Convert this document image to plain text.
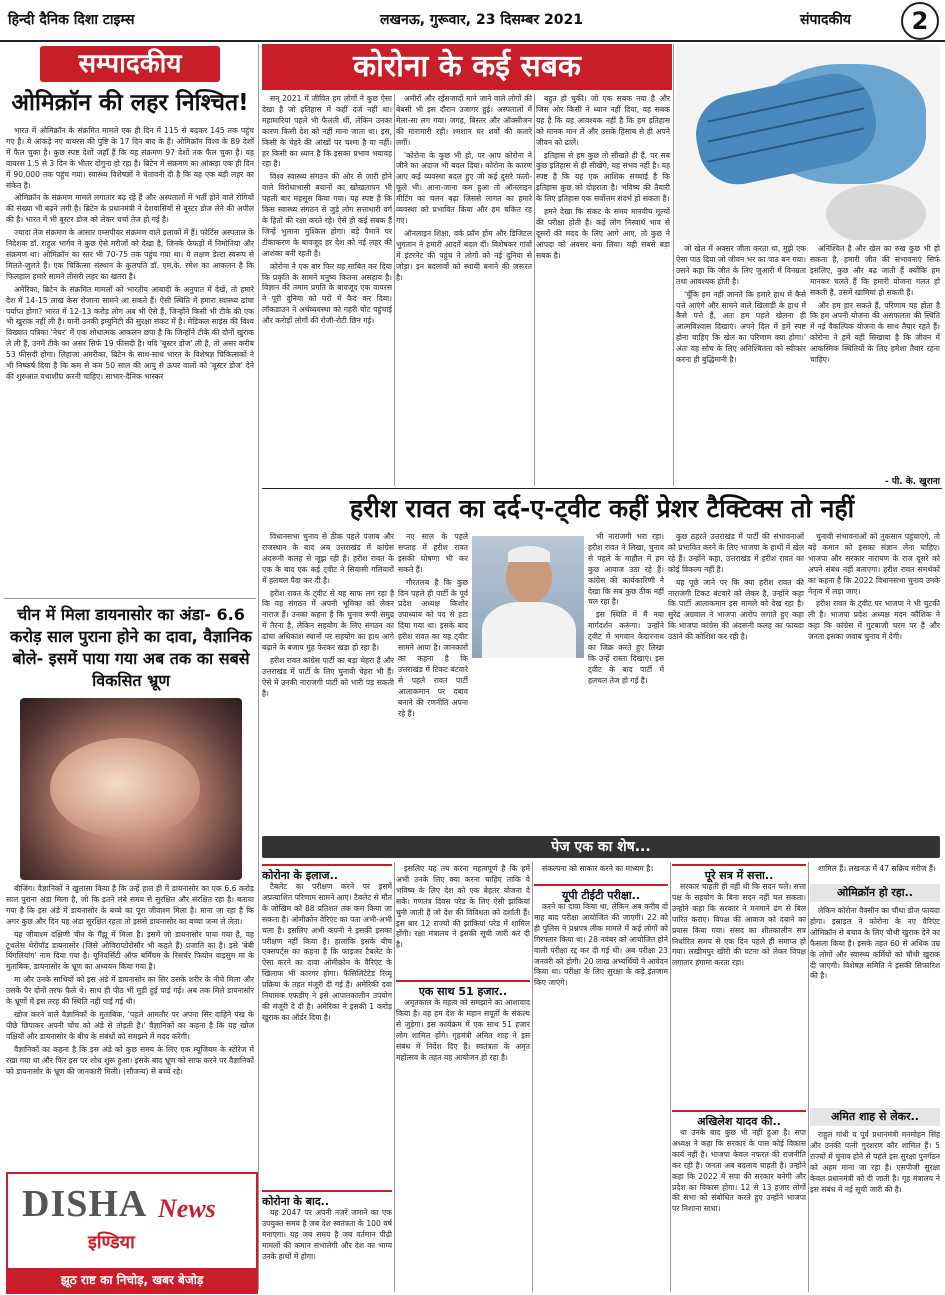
हिन्दी दैनिक दिशा टाइम्स	लखनऊ, गुरूवार, 23 दिसम्बर 2021	संपादकीय	2
सम्पादकीय
ओमिक्रॉन की लहर निश्चित!

भारत में ओमिक्रॉन के संक्रमित मामले एक ही दिन में 115 से बढ़कर 145 तक पहुंच गए हैं। ये आंकड़े नए वायरस की पुष्टि के 17 दिन बाद के हैं। ओमिक्रॉन विश्व के 89 देशों में फैल चुका है। कुछ स्पष्ट देशों जहाँ हैं कि यह संक्रमण 97 देशों तक फैल चुका है। यह वायरस 1.5 से 3 दिन के भीतर दोगुना हो रहा है। ब्रिटेन में संक्रमण का आंकड़ा एक ही दिन में 90,000 तक पहुंच गया। स्वास्थ्य विशेषज्ञों ने चेतावनी दी है कि यह एक बड़ी लहर का संकेत है।

ओमिक्रॉन के संक्रमण मामले लगातार बढ़ रहे हैं और अस्पतालों में भर्ती होने वाले रोगियों की संख्या भी बढ़ने लगी है। ब्रिटेन के प्रधानमंत्री ने देशवासियों से बूस्टर डोज लेने की अपील की है। भारत में भी बूस्टर डोज को लेकर चर्चा तेज हो गई है।

ज्यादा तेज संक्रमण के आसार एम्सपीयर संक्रमण वाले इलाकों में हैं। फोर्टिस अस्पताल के निदेशक डॉ. राहुल भार्गव ने कुछ ऐसे मरीजों को देखा है, जिनके फेफड़ों में निमोनिया और संक्रमण था। ओमिक्रॉन का स्तर भी 70-75 तक पहुंच गया था। ये लक्षण डेल्टा स्वरूप से मिलते-जुलते हैं। एक चिकित्सा संस्थान के कुलपति डॉ. एम.के. रमेश का आकलन है कि फिलहाल हमारे सामने तीसरी लहर का खतरा है।

अमेरिका, ब्रिटेन के संक्रमित मामलों को भारतीय आबादी के अनुपात में देखें, तो हमारे देश में 14-15 लाख केस रोजाना सामने आ सकते हैं। ऐसी स्थिति में हमारा स्वास्थ्य ढांचा पर्याप्त होगा? भारत में 12-13 करोड़ लोग अब भी ऐसे हैं, जिन्होंने किसी भी टीके की एक भी खुराक नहीं ली है। यानी उनकी इम्युनिटी की सुरक्षा संकट में है। मेडिकल साइंस की विश्व विख्यात पत्रिका 'नेचर' में एक शोधात्मक आकलन छपा है कि जिन्होंने टीके की दोनों खुराक ले ली हैं, उनमें टीके का असर सिर्फ 19 फीसदी है। यदि 'बूस्टर डोज' ली है, तो असर करीब 53 फीसदी होगा। लिहाजा अमरीका, ब्रिटेन के साथ-साथ भारत के विशेषज्ञ चिकित्सकों ने भी निष्कर्ष दिया है कि कम से कम 50 साल की आयु से ऊपर वालों को 'बूस्टर डोज' देने की शुरुआत यथाशीघ्र करनी चाहिए। साभार-दैनिक भास्कर

चीन में मिला डायनासोर का अंडा- 6.6 करोड़ साल पुराना होने का दावा, वैज्ञानिक बोले- इसमें पाया गया अब तक का सबसे विकसित भ्रूण

बीजिंग। वैज्ञानिकों ने खुलासा किया है कि उन्हें हाल ही में डायनासोर का एक 6.6 करोड़ साल पुराना अंडा मिला है, जो कि इतने लंबे समय से सुरक्षित और संरक्षित रहा है। बताया गया है कि इस अंडे में डायनासोर के बच्चे का पूरा जीवाश्म मिला है। माना जा रहा है कि अगर कुछ और दिन यह अंडा सुरक्षित रहता तो इससे डायनासोर का बच्चा जन्म ले लेता।

यह जीवाश्म दक्षिणी चीन के गैंझू में मिला है। इसमें जो डायनासोर पाया गया है, वह टूथलेस थेरोपॉड डायनासोर (जिसे ओविराप्टोरोसौर भी कहते हैं) प्रजाति का है। इसे 'बेबी यिंगलियांग' नाम दिया गया है। यूनिवर्सिटी ऑफ बर्मिंघम के रिसर्चर फियोन वाइसुम मा के मुताबिक, डायनासोर के भ्रूण का अध्ययन किया गया है।

मा और उनके साथियों को इस अंडे में डायनासोर का सिर उसके शरीर के नीचे मिला और उसके पैर दोनों तरफ फैले थे। साथ ही पीठ भी मुड़ी हुई पाई गई। अब तक मिले डायनासोर के भ्रूणों में इस तरह की स्थिति नहीं पाई गई थी।

खोज करने वाले वैज्ञानिकों के मुताबिक, 'पहले आमतौर पर अपना सिर दाहिने पंख के पीछे छिपाकर अपनी चोंच को अंडे से तोड़ती है।' वैज्ञानिकों का कहना है कि यह खोज पक्षियों और डायनासोर के बीच के संबंधों को समझने में मदद करेगी।

वैज्ञानिकों का कहना है कि इस अंडे को कुछ समय के लिए एक म्यूजियम के स्टोरेज में रखा गया था और फिर इस पर शोध शुरू हुआ। इसके बाद भ्रूण को साफ करने पर वैज्ञानिकों को डायनासोर के भ्रूण की जानकारी मिली। (सौजन्य) से बच्चे रहे।

DISHA News
इण्डिया
झूठ राष्ट का निचोड़, खबर बेजोड़
कोरोना के कई सबक

सन् 2021 में जीवित हम लोगों ने कुछ ऐसा देखा है जो इतिहास में कहीं दर्ज नहीं था। महामारियां पहले भी फैलती थीं, लेकिन उनका कारण किसी देश को नहीं माना जाता था। इस, किसी के चेहरे की आंखों पर चश्मा है या नहीं। हर किसी का ध्यान है कि इसका प्रभाव भयावह रहा है।

विश्व स्वास्थ्य संगठन की ओर से जारी होने वाले विरोधाभासी बयानों का खोखलापन भी पहली बार महसूस किया गया। यह स्पष्ट है कि किस स्वास्थ्य संगठन से जुड़े लोग सत्ताधारी वर्ग के हितों की रक्षा करते रहे। ऐसे ही कई सबक हैं जिन्हें भुलाना मुश्किल होगा। बड़े पैमाने पर टीकाकरण के बावजूद हर देश को नई लहर की आशंका बनी रहती है।

कोरोना ने एक बार फिर यह साबित कर दिया कि प्रकृति के सामने मनुष्य कितना असहाय है। विज्ञान की तमाम प्रगति के बावजूद एक वायरस ने पूरी दुनिया को घरों में कैद कर दिया। लॉकडाउन ने अर्थव्यवस्था को गहरी चोट पहुंचाई और करोड़ों लोगों की रोजी-रोटी छिन गई।

अमीरों और रईसजादों माने जाने वाले लोगों की बेबसी भी इस दौरान उजागर हुई। अस्पतालों में मेला-सा लग गया। जगह, बिस्तर और ऑक्सीजन की मारामारी रही। श्मशान घर शवों की कतारें लगीं।

'कोरोना के कुछ भी हो, पर आप कोरोना ने जीने का अंदाज भी बदल दिया। कोरोना के कारण आए कई व्यवस्था बदल हुए जो कई दुसरे फलो-फूले भी। आना-जाना कम हुआ तो ऑनलाइन मीटिंग का चलन बढ़ा जिससे लागत का हमारे व्यवस्था को प्रभावित किया और हम चकित रह गए।

ऑनलाइन शिक्षा, वर्क फ्रॉम होम और डिजिटल भुगतान ने हमारी आदतें बदल दीं। विशेषकर गांवों में इंटरनेट की पहुंच ने लोगों को नई दुनिया से जोड़ा। इन बदलावों को स्थायी बनाने की जरूरत है।

बहुत हो चुकी। जो एक सबक नया है और जिस ओर किसी ने ध्यान नहीं दिया, वह सबक यह है कि यह आवश्यक नहीं है कि हम इतिहास को मानक मान लें और उसके हिसाब से ही अपने जीवन को ढालें।

इतिहास से हम कुछ तो सीखते ही हैं, पर सब कुछ इतिहास से ही सीखेंगे, यह संभव नहीं है। यह स्पष्ट है कि यह एक आशिक सच्चाई है कि इतिहास कुछ को दोहराता है। भविष्य की तैयारी के लिए इतिहास एक सर्वोत्तम संदर्भ हो सकता है।

हमने देखा कि संकट के समय मानवीय मूल्यों की परीक्षा होती है। कई लोग निस्वार्थ भाव से दूसरों की मदद के लिए आगे आए, तो कुछ ने आपदा को अवसर बना लिया। यही सबसे बड़ा सबक है।

जो खेल में अक्सर जीता करता था, मुझे एक ऐसा पाठ दिया जो जीवन भर का पाठ बन गया। उसने कहा कि जीत के लिए जुआरी में विनम्रता तथा आवश्यक होती है।

'चूँकि हम नहीं जानते कि हमारे हाथ में कैसे पत्ते आएंगे और सामने वाले खिलाड़ी के हाथ में कैसे पत्ते हैं, अतः हम पहले खेलना ही आत्मविश्वास दिखाएं। अपने दिल में हमें स्पष्ट होना चाहिए कि खेल का परिणाम क्या होगा।' अंतः यह सोच के लिए अनिश्चितता को स्वीकार करना ही बुद्धिमानी है।

अनिश्चित है और खेल का रुख कुछ भी हो सकता है, हमारी जीत की संभावनाएं सिर्फ इसलिए, कुछ और बढ़ जाती हैं क्योंकि हम मानकर चलते हैं कि हमारी योजना गलत हो सकती है, उसमें खामियां हो सकती हैं।

और हम हार सकते हैं, परिणाम यह होता है कि हम अपनी योजना की असफलता की स्थिति में नई वैकल्पिक योजना के साथ तैयार रहते हैं। कोरोना ने हमें यही सिखाया है कि जीवन में आकस्मिक स्थितियों के लिए हमेशा तैयार रहना चाहिए।

- पी. के. खुराना
हरीश रावत का दर्द-ए-ट्वीट कहीं प्रेशर टैक्टिक्स तो नहीं

विधानसभा चुनाव से ठीक पहले पंजाब और राजस्थान के बाद अब उत्तराखंड में कांग्रेस अंदरूनी कलह से जूझ रही है। हरीश रावत के एक के बाद एक कई ट्वीट ने सियासी गलियारों में हलचल पैदा कर दी है।

हरीश रावत के ट्वीट से यह साफ लग रहा है कि वह संगठन में अपनी भूमिका को लेकर नाराज हैं। उनका कहना है कि चुनाव रूपी समुद्र में तैरना है, लेकिन सहयोग के लिए संगठन का ढांचा अधिकांश स्थानों पर सहयोग का हाथ आगे बढ़ाने के बजाय मुंह फेरकर खड़ा हो रहा है।

हरीश रावत कांग्रेस पार्टी का बड़ा चेहरा हैं और उत्तराखंड में पार्टी के लिए चुनावी चेहरा भी हैं। ऐसे में उनकी नाराजगी पार्टी को भारी पड़ सकती है।

नए साल के पहले सप्ताह में हरीश रावत इसकी घोषणा भी कर सकते हैं।

गौरतलब है कि कुछ दिन पहले ही पार्टी के पूर्व प्रदेश अध्यक्ष किशोर उपाध्याय को पद से हटा दिया गया था। इसके बाद हरीश रावत का यह ट्वीट सामने आया है। जानकारों का कहना है कि उत्तराखंड में टिकट बंटवारे से पहले रावत पार्टी आलाकमान पर दबाव बनाने की रणनीति अपना रहे हैं।

भी नाराजगी भरा रहा। हरीश रावत ने लिखा, चुनाव से पहले के माहौल में हम कुछ आवाज उठा रहे हैं। कांग्रेस की कार्यकारिणी ने देखा कि सब कुछ ठीक नहीं चल रहा है।

इस स्थिति में मैं नया मार्गदर्शन करूंगा। उन्होंने ट्वीट में भगवान केदारनाथ का जिक्र करते हुए लिखा कि उन्हें रास्ता दिखाएं। इस ट्वीट के बाद पार्टी में हलचल तेज हो गई है।

कुछ ठहरते उत्तराखंड में पार्टी की संभावनाओं को प्रभावित करने के लिए भाजपा के हाथों में खेल रहे हैं। उन्होंने कहा, उत्तराखंड में हरीश रावत का कोई विकल्प नहीं है।

यह पूछे जाने पर कि क्या हरीश रावत की नाराजगी टिकट बंटवारे को लेकर है, उन्होंने कहा कि पार्टी आलाकमान इस मामले को देख रहा है। सुरेंद्र अग्रवाल ने भाजपा आरोप लगाते हुए कहा कि भाजपा कांग्रेस की अंदरूनी कलह का फायदा उठाने की कोशिश कर रही है।

चुनावी संभावनाओं को नुकसान पहुंचाएंगे, तो बड़े कमान को इसका संज्ञान लेना चाहिए। भाजपा और सरकार नारायण के राज दूसरे को अपने संबंध नहीं बताएगा। हरीश रावत समर्थकों का कहना है कि 2022 विधानसभा चुनाव उनके नेतृत्व में लड़ा जाए।

हरीश रावत के ट्वीट पर भाजपा ने भी चुटकी ली है। भाजपा प्रदेश अध्यक्ष मदन कौशिक ने कहा कि कांग्रेस में गुटबाजी चरम पर है और जनता इसका जवाब चुनाव में देगी।

पेज एक का शेष...
कोरोना के इलाज..

टैबलेट का परीक्षण करने पर इसमें अप्रत्याशित परिणाम सामने आए। टैबलेट से मौत के जोखिम को 88 प्रतिशत तक कम किया जा सकता है। ओमीक्रोन वेरिएंट का पता अभी-अभी चला है। इसलिए अभी कंपनी ने इसकी इसका परीक्षण नहीं किया है। हालांकि इसके बीच एक्सपर्ट्स का कहना है कि फाइजर टैबलेट के ऐसा करने का दावा ओमीक्रोन के वैरिएंट के खिलाफ भी कारगर होगा। फैसिलिटेटेड रिव्यू प्रक्रिया के तहत मंजूरी दी गई है। अमेरिकी दवा नियामक एफडीए ने इसे आपातकालीन उपयोग की मंजूरी दे दी है। अमेरिका ने इसकी 1 करोड़ खुराक का ऑर्डर दिया है।

कोरोना के बाद..

यह 2047 पर अपनी नजरें जमाने का एक उपयुक्त समय है जब देश स्वतंत्रता के 100 वर्ष मनाएगा। यह जब समय है जब वर्तमान पीढ़ी मामलों की कमान संभालेगी और देश का भाग्य उनके हाथों में होगा।

इसलिए यह तय करना महत्वपूर्ण है कि हमें अभी उनके लिए क्या करना चाहिए ताकि वे भविष्य के लिए देश को एक बेहतर योजना दे सकें। गणतंत्र दिवस परेड के लिए ऐसी झांकियां चुनी जाती हैं जो देश की विविधता को दर्शाती हैं। इस बार 12 राज्यों की झांकियां परेड में शामिल होंगी। रक्षा मंत्रालय ने इसकी सूची जारी कर दी है।

एक साथ 51 हजार..

अमृतकाल के महत्व को समझाने का आशावाद किया है। वह हम देश के महान सपूतों के संकल्प से जुड़ेगा। इस कार्यक्रम में एक साथ 51 हजार लोग शामिल होंगे। गृहमंत्री अमित शाह ने इस संबंध में निर्देश दिए हैं। स्वतंत्रता के अमृत महोत्सव के तहत यह आयोजन हो रहा है।

संकल्पना को साकार करने का माध्यम है।

यूपी टीईटी परीक्षा..

करने का दावा किया था, लेकिन अब करीब दो माह बाद परीक्षा आयोजित की जाएगी। 22 को ही पुलिस ने प्रश्नपत्र लीक मामले में कई लोगों को गिरफ्तार किया था। 28 नवंबर को आयोजित होने वाली परीक्षा रद्द कर दी गई थी। अब परीक्षा 23 जनवरी को होगी। 20 लाख अभ्यर्थियों ने आवेदन किया था। परीक्षा के लिए सुरक्षा के कड़े इंतजाम किए जाएंगे।

पूरे सत्र में सत्ता..

सरकार चाहती ही नहीं थी कि सदन चले। सत्ता पक्ष के सहयोग के बिना सदन नहीं चल सकता। उन्होंने कहा कि सरकार ने मनमाने ढंग से बिल पारित कराए। विपक्ष की आवाज को दबाने का प्रयास किया गया। संसद का शीतकालीन सत्र निर्धारित समय से एक दिन पहले ही समाप्त हो गया। लखीमपुर खीरी की घटना को लेकर विपक्ष लगातार हंगामा करता रहा।

अखिलेश यादव की..

था उनके बाद कुछ भी नहीं हुआ है। सपा अध्यक्ष ने कहा कि सरकार के पास कोई विकास कार्य नहीं है। भाजपा केवल नफरत की राजनीति कर रही है। जनता अब बदलाव चाहती है। उन्होंने कहा कि 2022 में सपा की सरकार बनेगी और प्रदेश का विकास होगा। 12 से 13 हजार लोगों की सभा को संबोधित करते हुए उन्होंने भाजपा पर निशाना साधा।

शामिल हैं। लखनऊ में 47 सक्रिय मरीज हैं।

ओमिक्रॉन हो रहा..

लेकिन कोरोना वैक्सीन का चौथा डोज फायदा होगा। इस्राइल ने कोरोना के नए वैरिएंट ओमिक्रॉन से बचाव के लिए चौथी खुराक देने का फैसला किया है। इसके तहत 60 से अधिक उम्र के लोगों और स्वास्थ्य कर्मियों को चौथी खुराक दी जाएगी। विशेषज्ञ समिति ने इसकी सिफारिश की है।

अमित शाह से लेकर..

राहुल गांधी व पूर्व प्रधानमंत्री मनमोहन सिंह और उनकी पत्नी गुरशरण कौर शामिल हैं। 5 राज्यों में चुनाव होने से पहले इस सुरक्षा पुनर्गठन को अहम माना जा रहा है। एसपीजी सुरक्षा केवल प्रधानमंत्री को दी जाती है। गृह मंत्रालय ने इस संबंध में नई सूची जारी की है।
